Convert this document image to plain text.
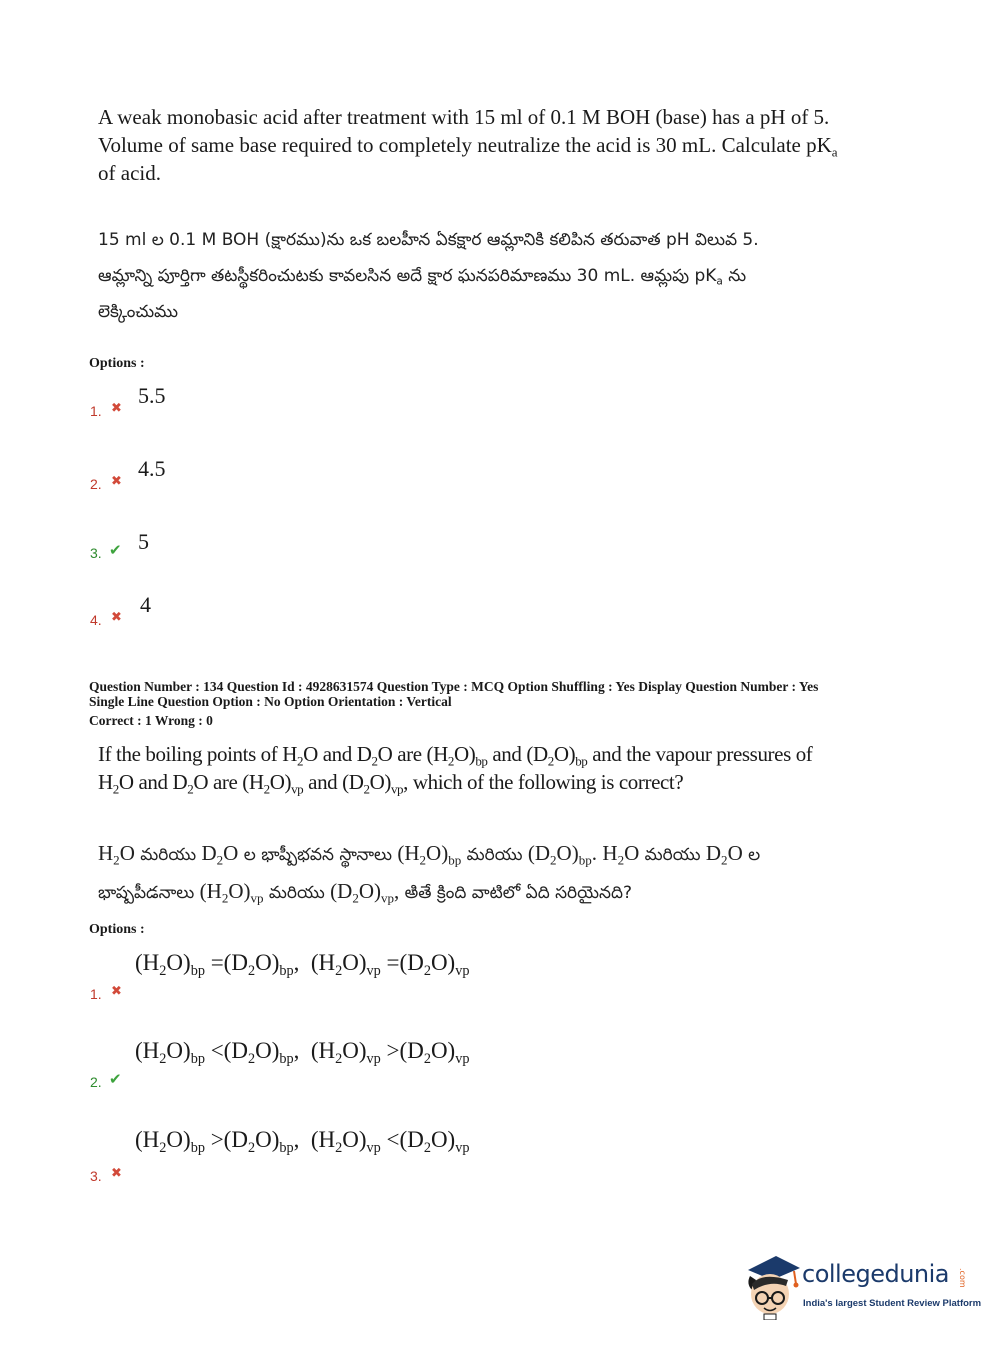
A weak monobasic acid after treatment with 15 ml of 0.1 M BOH (base) has a pH of 5.
Volume of same base required to completely neutralize the acid is 30 mL. Calculate $pK_a$
of acid.
15 ml ల 0.1 M BOH (క్షారము)ను ఒక బలహీన ఏకక్షార ఆమ్లానికి కలిపిన తరువాత pH విలువ 5.
ఆమ్లాన్ని పూర్తిగా తటస్థీకరించుటకు కావలసిన అదే క్షార ఘనపరిమాణము 30 mL. ఆమ్లపు $pK_a$ ను
లెక్కించుము
Options :
1. ✖
5.5
2. ✖
4.5
3. ✔ 5
4. ✖
4
Question Number : 134 Question Id : 4928631574 Question Type : MCQ Option Shuffling : Yes Display Question Number : Yes
Single Line Question Option : No Option Orientation : Vertical
Correct : 1 Wrong : 0
If the boiling points of $H_2O$ and $D_2O$ are $(H_2O)_{bp}$ and $(D_2O)_{bp}$ and the vapour pressures of
$H_2O$ and $D_2O$ are $(H_2O)_{vp}$ and $(D_2O)_{vp}$, which of the following is correct?
$H_2O$ మరియు $D_2O$ ల భాష్పీభవన స్థానాలు $(H_2O)_{bp}$ మరియు $(D_2O)_{bp}$. $H_2O$ మరియు $D_2O$ ల
భాష్పపీడనాలు $(H_2O)_{vp}$ మరియు $(D_2O)_{vp}$, అితే క్రింది వాటిలో ఏది సరియైనది?
Options :
1. ✖
$(H_2O)_{bp} =(D_2O)_{bp}$,  $(H_2O)_{vp} =(D_2O)_{vp}$
2. ✔
$(H_2O)_{bp} <(D_2O)_{bp}$,  $(H_2O)_{vp} >(D_2O)_{vp}$
3. ✖
$(H_2O)_{bp} >(D_2O)_{bp}$,  $(H_2O)_{vp} <(D_2O)_{vp}$
collegedunia .com
India's largest Student Review Platform
